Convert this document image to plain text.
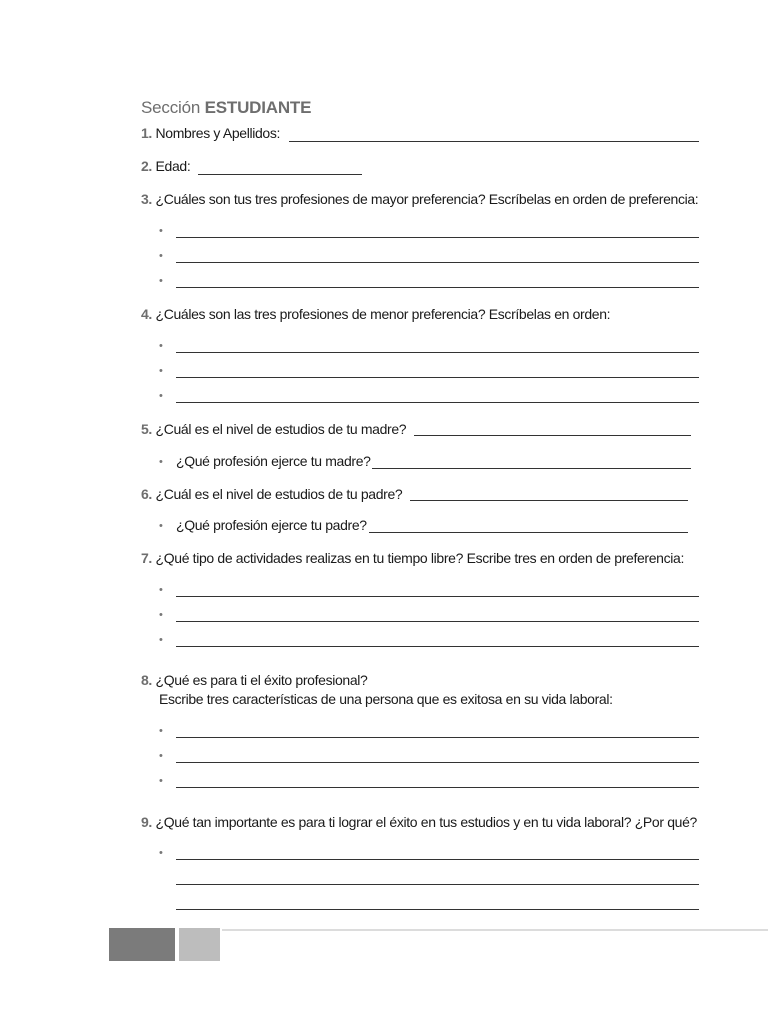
Sección ESTUDIANTE
1. Nombres y Apellidos:
2. Edad:
3. ¿Cuáles son tus tres profesiones de mayor preferencia? Escríbelas en orden de preferencia:
•
•
•
4. ¿Cuáles son las tres profesiones de menor preferencia? Escríbelas en orden:
•
•
•
5. ¿Cuál es el nivel de estudios de tu madre?
• ¿Qué profesión ejerce tu madre?
6. ¿Cuál es el nivel de estudios de tu padre?
• ¿Qué profesión ejerce tu padre?
7. ¿Qué tipo de actividades realizas en tu tiempo libre? Escribe tres en orden de preferencia:
•
•
•
8. ¿Qué es para ti el éxito profesional?
Escribe tres características de una persona que es exitosa en su vida laboral:
•
•
•
9. ¿Qué tan importante es para ti lograr el éxito en tus estudios y en tu vida laboral? ¿Por qué?
•
